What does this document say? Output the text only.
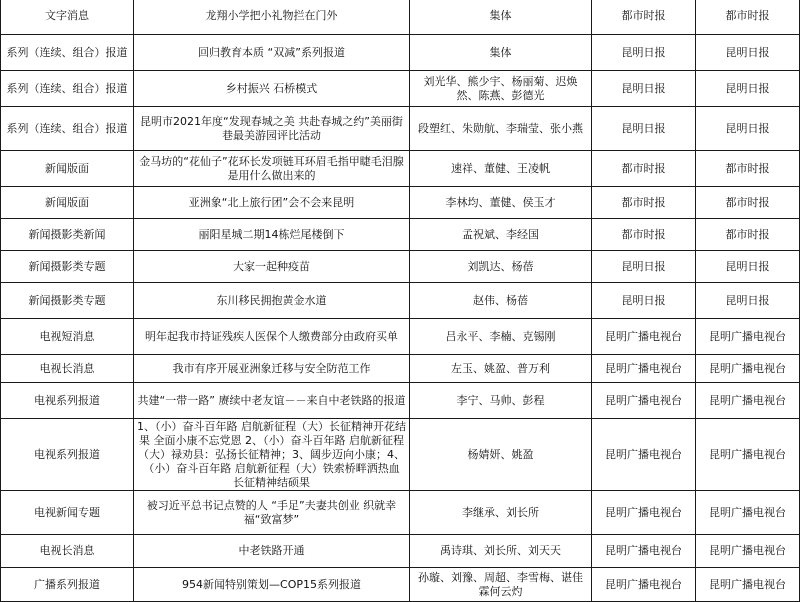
文字消息	龙翔小学把小礼物拦在门外	集体	都市时报	都市时报
系列（连续、组合）报道	回归教育本质 “双减”系列报道	集体	昆明日报	昆明日报
系列（连续、组合）报道	乡村振兴 石桥模式	刘光华、熊少宇、杨丽菊、迟焕然、陈燕、彭德光	昆明日报	昆明日报
系列（连续、组合）报道	昆明市2021年度“发现春城之美 共赴春城之约”美丽街巷最美游园评比活动	段塑红、朱勋航、李瑞莹、张小燕	昆明日报	昆明日报
新闻版面	金马坊的“花仙子”花环长发项链耳环眉毛指甲睫毛泪腺是用什么做出来的	速祥、董健、王凌帆	都市时报	都市时报
新闻版面	亚洲象“北上旅行团”会不会来昆明	李林均、董健、侯玉才	都市时报	都市时报
新闻摄影类新闻	丽阳星城二期14栋烂尾楼倒下	孟祝斌、李经国	都市时报	都市时报
新闻摄影类专题	大家一起种疫苗	刘凯达、杨蓓	昆明日报	昆明日报
新闻摄影类专题	东川移民拥抱黄金水道	赵伟、杨蓓	昆明日报	昆明日报
电视短消息	明年起我市持证残疾人医保个人缴费部分由政府买单	吕永平、李楠、克锡刚	昆明广播电视台	昆明广播电视台
电视长消息	我市有序开展亚洲象迁移与安全防范工作	左玉、姚盈、普万利	昆明广播电视台	昆明广播电视台
电视系列报道	共建“一带一路” 赓续中老友谊－－来自中老铁路的报道	李宁、马帅、彭程	昆明广播电视台	昆明广播电视台
电视系列报道	1、（小）奋斗百年路 启航新征程（大）长征精神开花结果 全面小康不忘党恩 2、（小）奋斗百年路 启航新征程（大）禄劝县：弘扬长征精神；3、阔步迈向小康；4、（小）奋斗百年路 启航新征程（大）铁索桥畔洒热血 长征精神结硕果	杨婧妍、姚盈	昆明广播电视台	昆明广播电视台
电视新闻专题	被习近平总书记点赞的人 “手足”夫妻共创业 织就幸福“致富梦”	李继承、刘长所	昆明广播电视台	昆明广播电视台
电视长消息	中老铁路开通	禹诗琪、刘长所、刘天天	昆明广播电视台	昆明广播电视台
广播系列报道	954新闻特别策划—COP15系列报道	孙璇、刘豫、周超、李雪梅、谌佳霖何云灼	昆明广播电视台	昆明广播电视台
